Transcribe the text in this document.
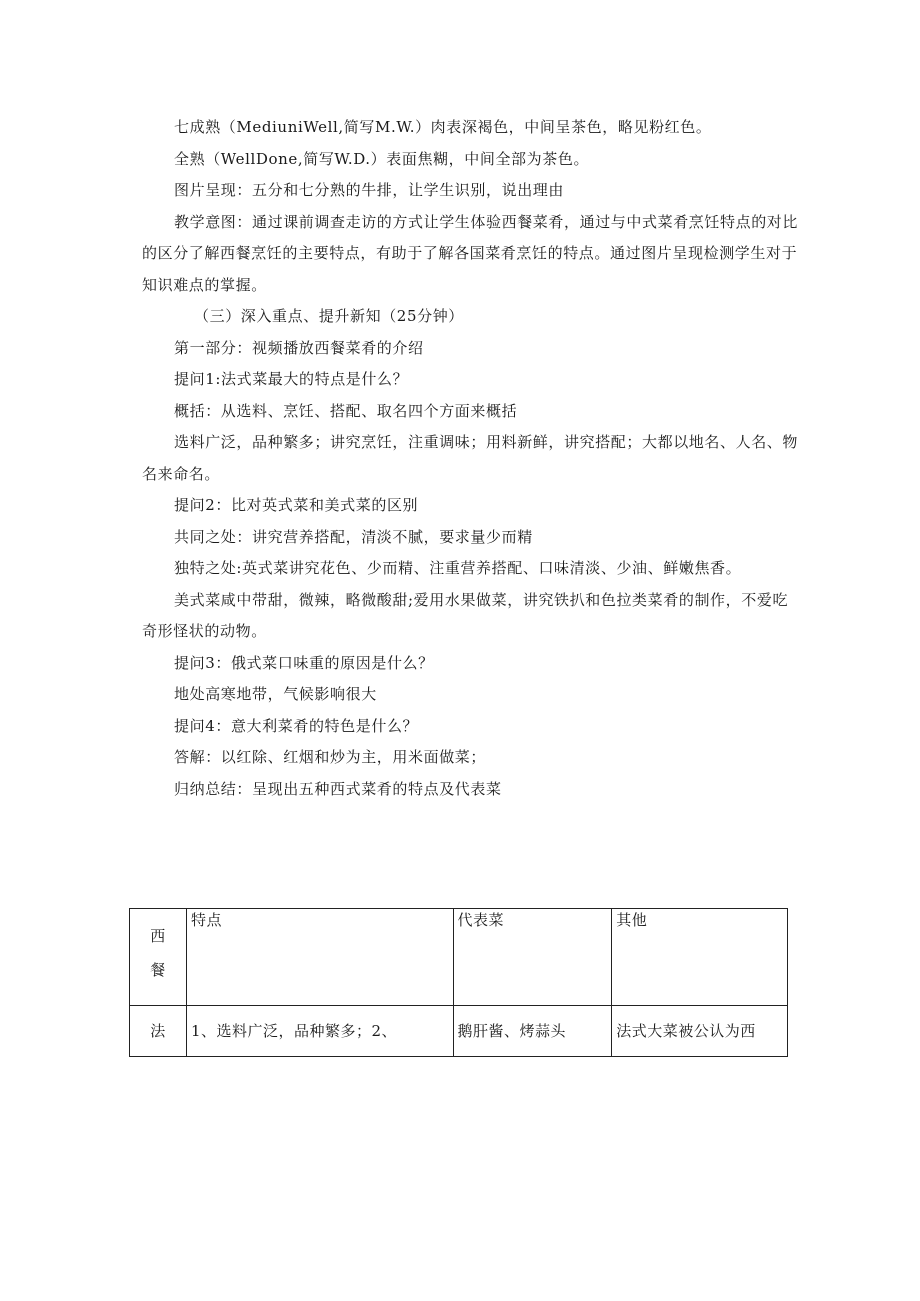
七成熟（MediuniWell,简写M.W.）肉表深褐色，中间呈茶色，略见粉红色。

全熟（WellDone,简写W.D.）表面焦糊，中间全部为茶色。

图片呈现：五分和七分熟的牛排，让学生识别，说出理由

教学意图：通过课前调查走访的方式让学生体验西餐菜肴，通过与中式菜肴烹饪特点的对比的区分了解西餐烹饪的主要特点，有助于了解各国菜肴烹饪的特点。通过图片呈现检测学生对于知识难点的掌握。

（三）深入重点、提升新知（25分钟）

第一部分：视频播放西餐菜肴的介绍

提问1:法式菜最大的特点是什么？

概括：从选料、烹饪、搭配、取名四个方面来概括

选料广泛，品种繁多；讲究烹饪，注重调味；用料新鲜，讲究搭配；大都以地名、人名、物名来命名。

提问2：比对英式菜和美式菜的区别

共同之处：讲究营养搭配，清淡不腻，要求量少而精

独特之处:英式菜讲究花色、少而精、注重营养搭配、口味清淡、少油、鲜嫩焦香。

美式菜咸中带甜，微辣，略微酸甜;爱用水果做菜，讲究铁扒和色拉类菜肴的制作，不爱吃奇形怪状的动物。

提问3：俄式菜口味重的原因是什么？

地处高寒地带，气候影响很大

提问4：意大利菜肴的特色是什么？

答解：以红除、红烟和炒为主，用米面做菜；

归纳总结：呈现出五种西式菜肴的特点及代表菜

西
餐	特点	代表菜	其他
法	1、选料广泛，品种繁多；2、	鹅肝酱、烤蒜头	法式大菜被公认为西
